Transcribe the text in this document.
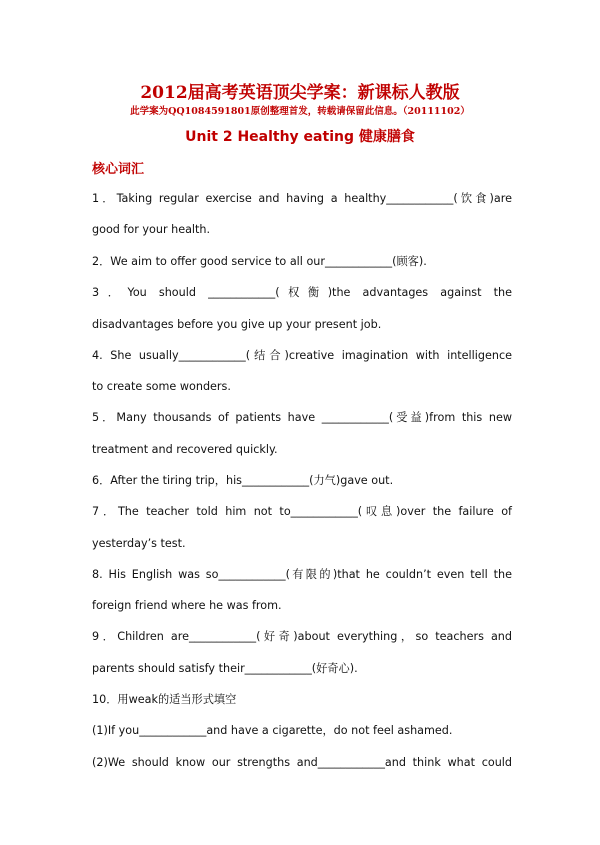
2012届高考英语顶尖学案：新课标人教版
此学案为QQ1084591801原创整理首发，转载请保留此信息。（20111102）
Unit 2 Healthy eating 健康膳食
核心词汇
1．Taking regular exercise and having a healthy____________(饮食)are
good for your health.
2．We aim to offer good service to all our____________(顾客).
3．You should ____________(权衡)the advantages against the
disadvantages before you give up your present job.
4. She usually____________(结合)creative imagination with intelligence
to create some wonders.
5．Many thousands of patients have ____________(受益)from this new
treatment and recovered quickly.
6．After the tiring trip，his____________(力气)gave out.
7．The teacher told him not to____________(叹息)over the failure of
yesterday’s test.
8. His English was so____________(有限的)that he couldn’t even tell the
foreign friend where he was from.
9．Children are____________(好奇)about everything，so teachers and
parents should satisfy their____________(好奇心).
10．用weak的适当形式填空
(1)If you____________and have a cigarette，do not feel ashamed.
(2)We should know our strengths and____________and think what could
